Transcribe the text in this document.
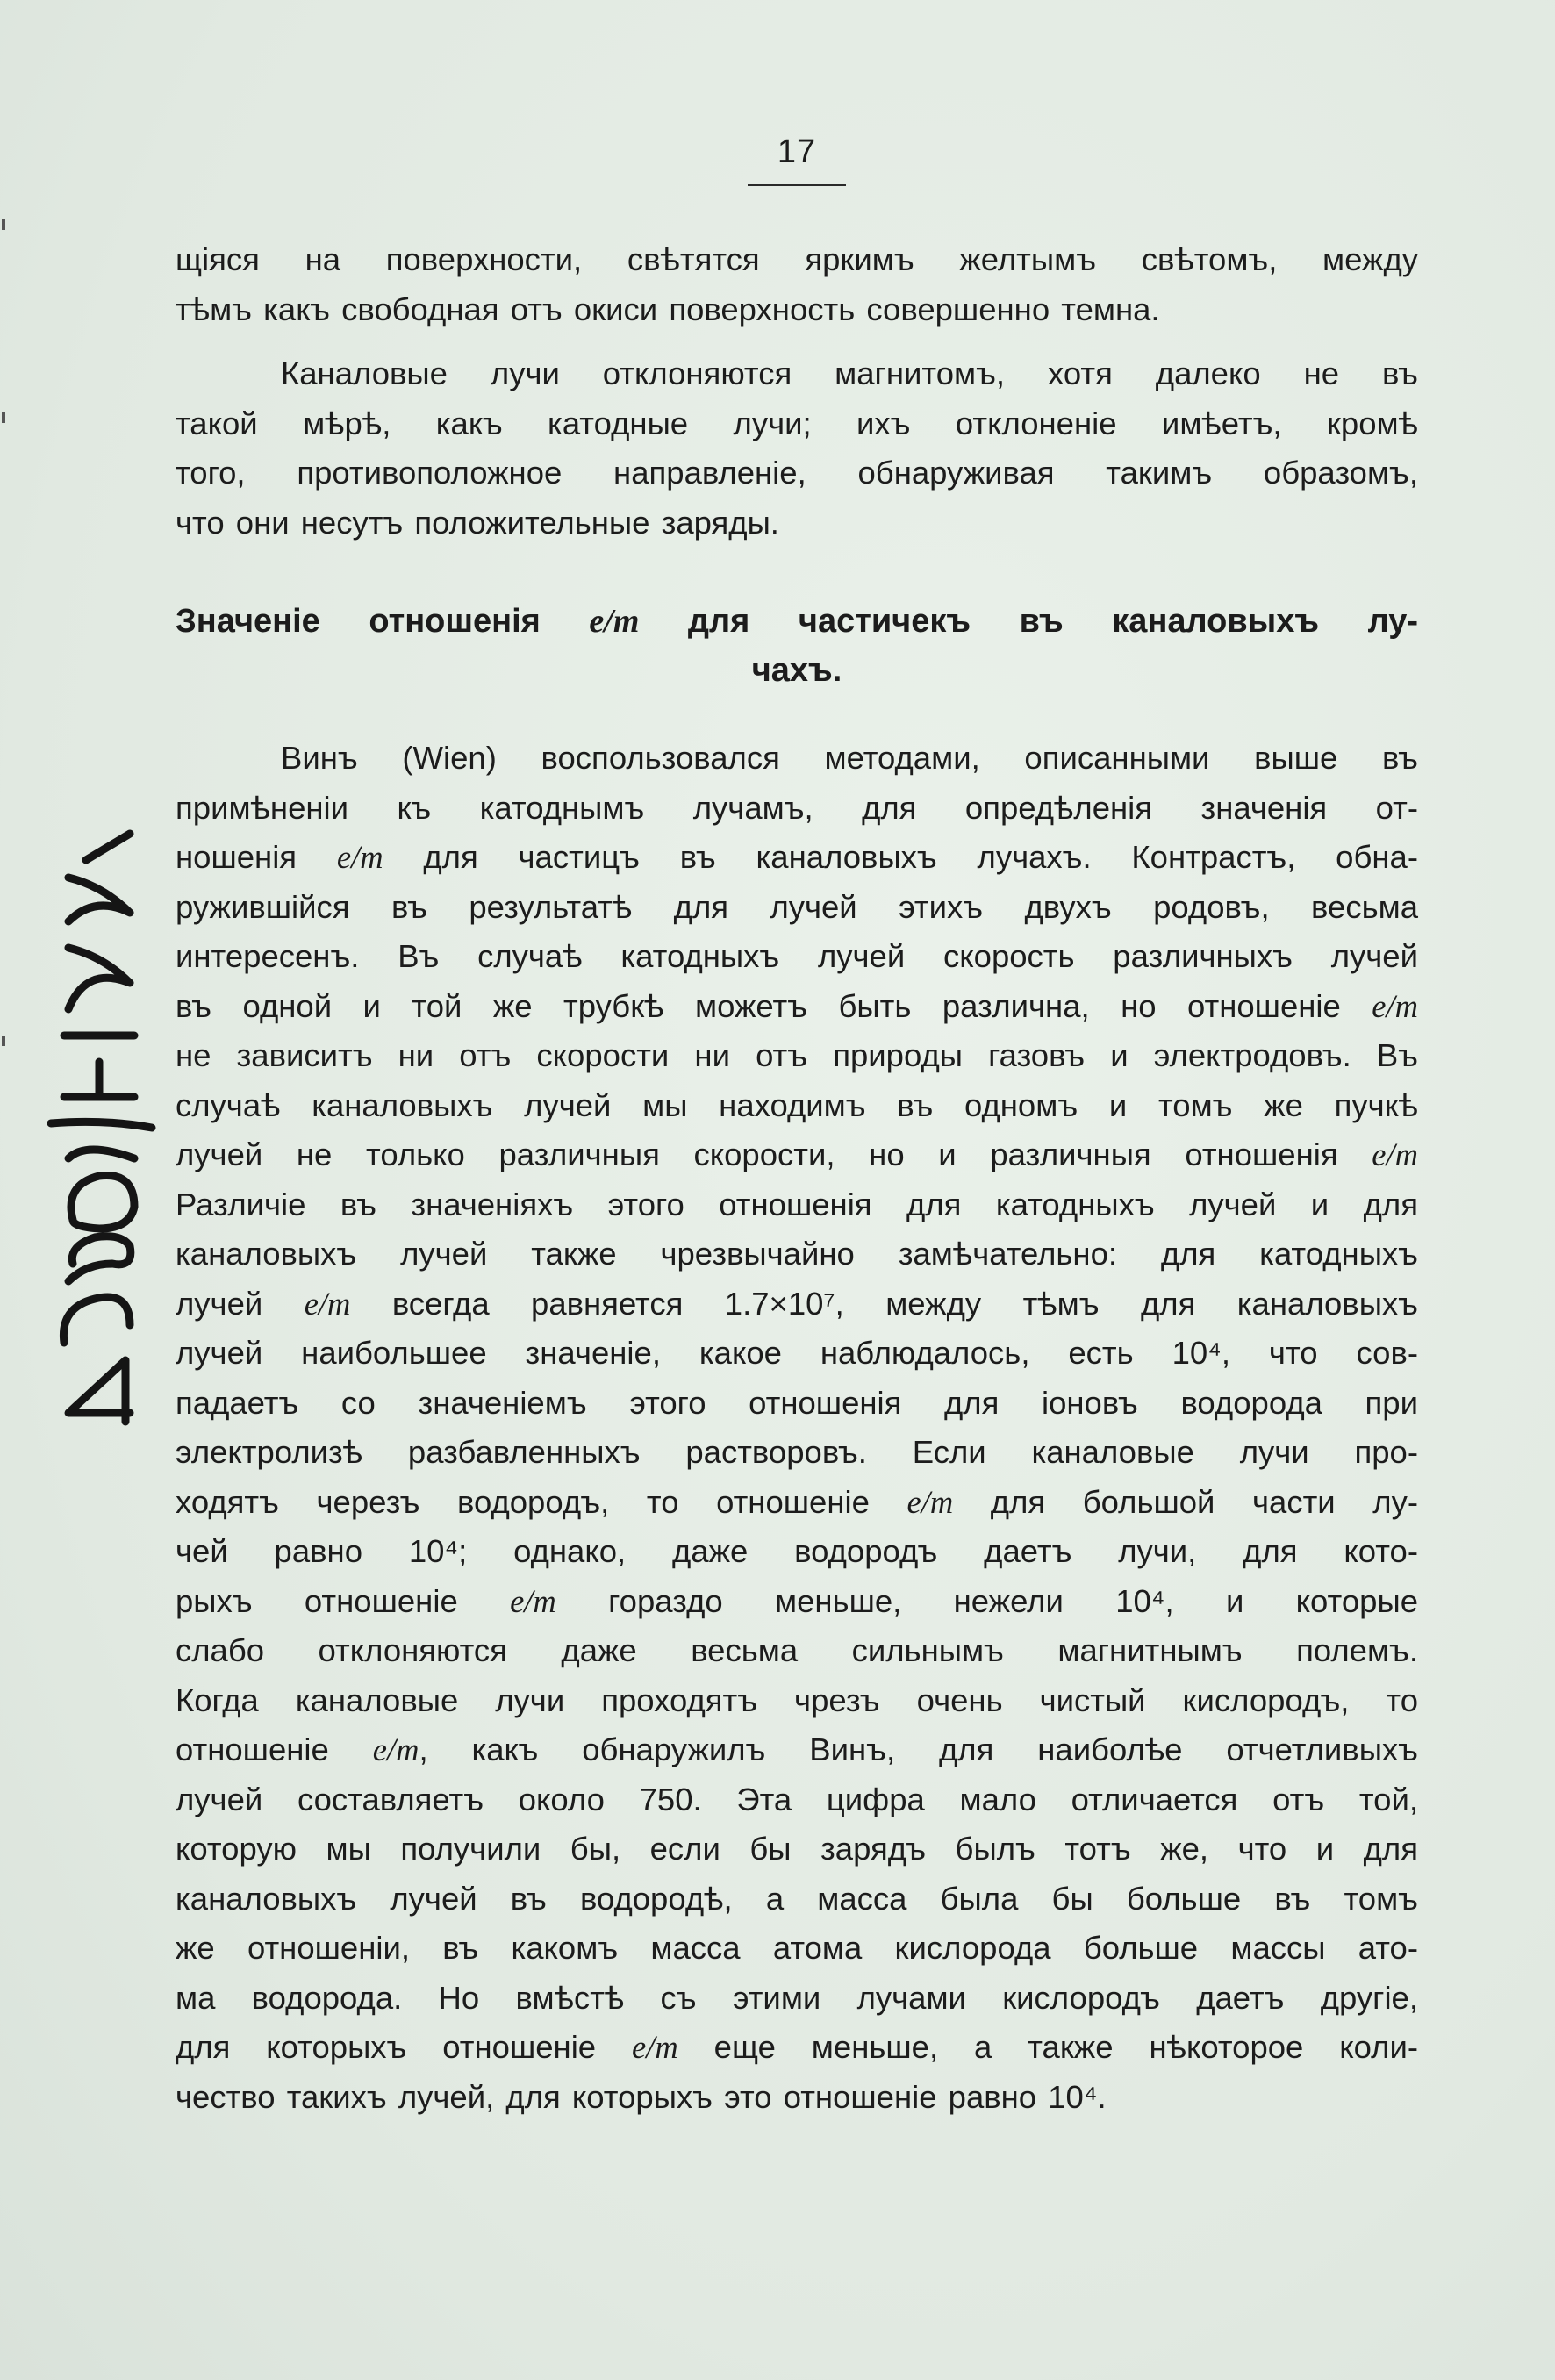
17
щіяся на поверхности, свѣтятся яркимъ желтымъ свѣтомъ, между
тѣмъ какъ свободная отъ окиси поверхность совершенно темна.
Каналовые лучи отклоняются магнитомъ, хотя далеко не въ
такой мѣрѣ, какъ катодные лучи; ихъ отклоненіе имѣетъ, кромѣ
того, противоположное направленіе, обнаруживая такимъ образомъ,
что они несутъ положительные заряды.
Значеніе отношенія e/m для частичекъ въ каналовыхъ лу-
чахъ.
Винъ (Wien) воспользовался методами, описанными выше въ
примѣненіи къ катоднымъ лучамъ, для опредѣленія значенія от-
ношенія e/m для частицъ въ каналовыхъ лучахъ. Контрастъ, обна-
ружившійся въ результатѣ для лучей этихъ двухъ родовъ, весьма
интересенъ. Въ случаѣ катодныхъ лучей скорость различныхъ лучей
въ одной и той же трубкѣ можетъ быть различна, но отношеніе e/m
не зависитъ ни отъ скорости ни отъ природы газовъ и электродовъ. Въ
случаѣ каналовыхъ лучей мы находимъ въ одномъ и томъ же пучкѣ
лучей не только различныя скорости, но и различныя отношенія e/m
Различіе въ значеніяхъ этого отношенія для катодныхъ лучей и для
каналовыхъ лучей также чрезвычайно замѣчательно: для катодныхъ
лучей e/m всегда равняется 1.7×10⁷, между тѣмъ для каналовыхъ
лучей наибольшее значеніе, какое наблюдалось, есть 10⁴, что сов-
падаетъ со значеніемъ этого отношенія для іоновъ водорода при
электролизѣ разбавленныхъ растворовъ. Если каналовые лучи про-
ходятъ черезъ водородъ, то отношеніе e/m для большой части лу-
чей равно 10⁴; однако, даже водородъ даетъ лучи, для кото-
рыхъ отношеніе e/m гораздо меньше, нежели 10⁴, и которые
слабо отклоняются даже весьма сильнымъ магнитнымъ полемъ.
Когда каналовые лучи проходятъ чрезъ очень чистый кислородъ, то
отношеніе e/m, какъ обнаружилъ Винъ, для наиболѣе отчетливыхъ
лучей составляетъ около 750. Эта цифра мало отличается отъ той,
которую мы получили бы, если бы зарядъ былъ тотъ же, что и для
каналовыхъ лучей въ водородѣ, а масса была бы больше въ томъ
же отношеніи, въ какомъ масса атома кислорода больше массы ато-
ма водорода. Но вмѣстѣ съ этими лучами кислородъ даетъ другіе,
для которыхъ отношеніе e/m еще меньше, а также нѣкоторое коли-
чество такихъ лучей, для которыхъ это отношеніе равно 10⁴.
